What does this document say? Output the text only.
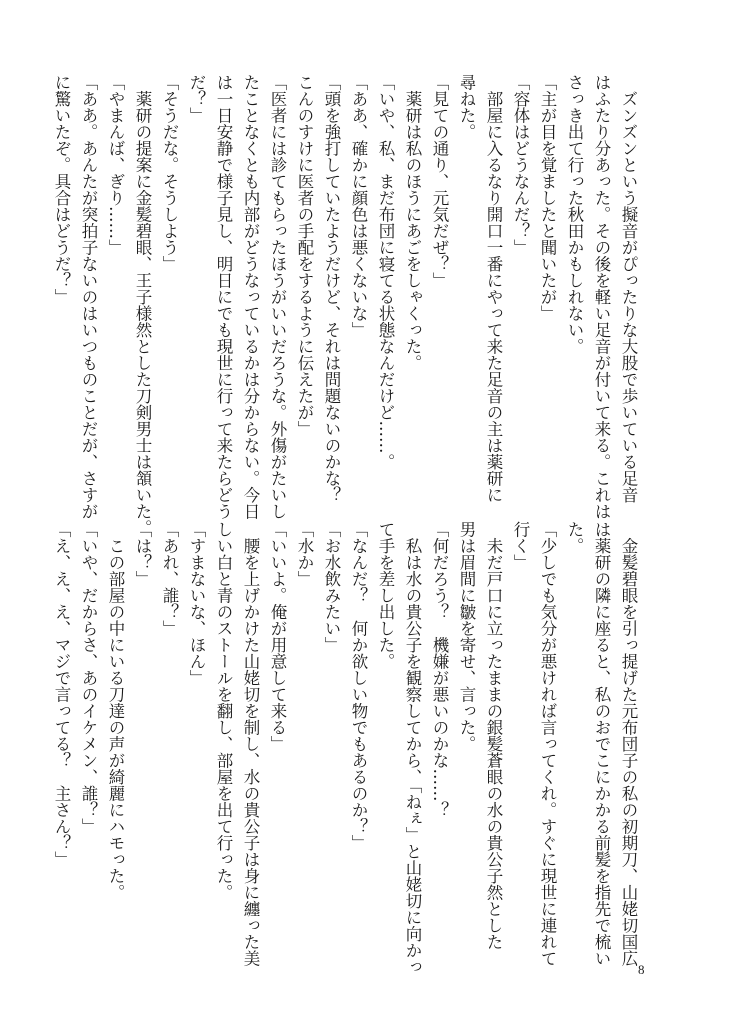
　ズンズンという擬音がぴったりな大股で歩いている足音
はふたり分あった。その後を軽い足音が付いて来る。これは
さっき出て行った秋田かもしれない。
「主が目を覚ましたと聞いたが」
「容体はどうなんだ？」
　部屋に入るなり開口一番にやって来た足音の主は薬研に
尋ねた。
「見ての通り、元気だぜ？」
　薬研は私のほうにあごをしゃくった。
「いや、私、まだ布団に寝てる状態なんだけど……。
「ああ、確かに顔色は悪くないな」
「頭を強打していたようだけど、それは問題ないのかな？
こんのすけに医者の手配をするように伝えたが」
「医者には診てもらったほうがいいだろうな。外傷がたいし
たことなくとも内部がどうなっているかは分からない。今日
は一日安静で様子見し、明日にでも現世に行って来たらどう
だ？」
「そうだな。そうしよう」
　薬研の提案に金髪碧眼、王子様然とした刀剣男士は頷いた。
「やまんば、ぎり……」
「ああ。あんたが突拍子ないのはいつものことだが、さすが
に驚いたぞ。具合はどうだ？」
　金髪碧眼を引っ提げた元布団子の私の初期刀、山姥切国広
は薬研の隣に座ると、私のおでこにかかる前髪を指先で梳い
た。
「少しでも気分が悪ければ言ってくれ。すぐに現世に連れて
行く」
　未だ戸口に立ったままの銀髪蒼眼の水の貴公子然とした
男は眉間に皺を寄せ、言った。
「何だろう？　機嫌が悪いのかな……？
　私は水の貴公子を観察してから、「ねぇ」と山姥切に向かっ
て手を差し出した。
「なんだ？　何か欲しい物でもあるのか？」
「お水飲みたい」
「水か」
「いいよ。俺が用意して来る」
　腰を上げかけた山姥切を制し、水の貴公子は身に纏った美
しい白と青のストールを翻し、部屋を出て行った。
「すまないな、ほん」
「あれ、誰？」
「は？」
　この部屋の中にいる刀達の声が綺麗にハモった。
「いや、だからさ、あのイケメン、誰？」
「え、え、え、マジで言ってる？　主さん？」
8
